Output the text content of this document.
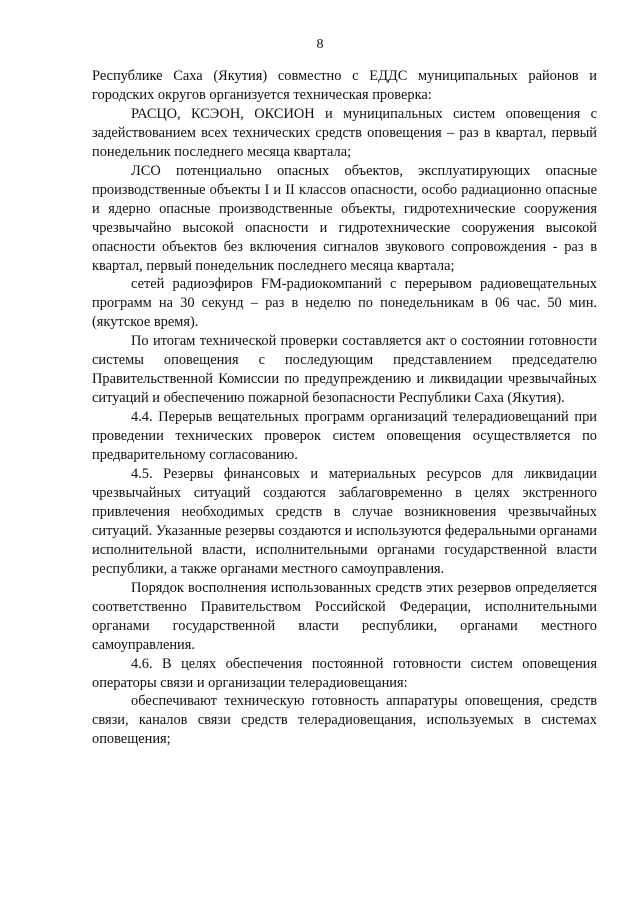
8

Республике Саха (Якутия) совместно с ЕДДС муниципальных районов и городских округов организуется техническая проверка:

РАСЦО, КСЭОН, ОКСИОН и муниципальных систем оповещения с задействованием всех технических средств оповещения – раз в квартал, первый понедельник последнего месяца квартала;

ЛСО потенциально опасных объектов, эксплуатирующих опасные производственные объекты I и II классов опасности, особо радиационно опасные и ядерно опасные производственные объекты, гидротехнические сооружения чрезвычайно высокой опасности и гидротехнические сооружения высокой опасности объектов без включения сигналов звукового сопровождения - раз в квартал, первый понедельник последнего месяца квартала;

сетей радиоэфиров FM-радиокомпаний с перерывом радиовещательных программ на 30 секунд – раз в неделю по понедельникам в 06 час. 50 мин. (якутское время).

По итогам технической проверки составляется акт о состоянии готовности системы оповещения с последующим представлением председателю Правительственной Комиссии по предупреждению и ликвидации чрезвычайных ситуаций и обеспечению пожарной безопасности Республики Саха (Якутия).

4.4. Перерыв вещательных программ организаций телерадиовещаний при проведении технических проверок систем оповещения осуществляется по предварительному согласованию.

4.5. Резервы финансовых и материальных ресурсов для ликвидации чрезвычайных ситуаций создаются заблаговременно в целях экстренного привлечения необходимых средств в случае возникновения чрезвычайных ситуаций. Указанные резервы создаются и используются федеральными органами исполнительной власти, исполнительными органами государственной власти республики, а также органами местного самоуправления.

Порядок восполнения использованных средств этих резервов определяется соответственно Правительством Российской Федерации, исполнительными органами государственной власти республики, органами местного самоуправления.

4.6. В целях обеспечения постоянной готовности систем оповещения операторы связи и организации телерадиовещания:

обеспечивают техническую готовность аппаратуры оповещения, средств связи, каналов связи средств телерадиовещания, используемых в системах оповещения;
